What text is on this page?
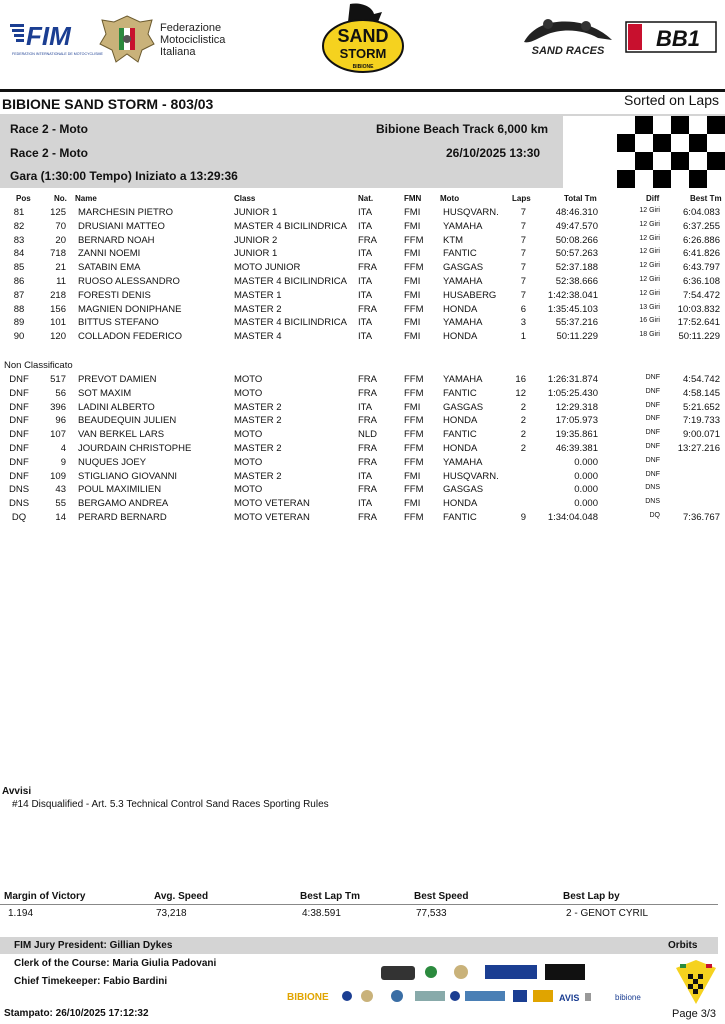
FIM
FEDERATION INTERNATIONALE DE MOTOCYCLISME
Federazione
Motociclistica
Italiana
SAND
STORM
BIBIONE
SAND RACES BB1
BIBIONE SAND STORM - 803/03	Sorted on Laps
Race 2 - Moto
Race 2 - Moto
Gara (1:30:00 Tempo) Iniziato a 13:29:36
Bibione Beach Track 6,000 km
26/10/2025 13:30
Pos	No. Name	Class	Nat.	FMN Moto	Laps	Total Tm	Diff	Best Tm
81	125 MARCHESIN PIETRO	JUNIOR 1	ITA	FMI HUSQVARN.	7	48:46.310	12 Giri	6:04.083
82	70 DRUSIANI MATTEO	MASTER 4 BICILINDRICA	ITA	FMI YAMAHA	7	49:47.570	12 Giri	6:37.255
83	20 BERNARD NOAH	JUNIOR 2	FRA	FFM KTM	7	50:08.266	12 Giri	6:26.886
84	718 ZANNI NOEMI	JUNIOR 1	ITA	FMI FANTIC	7	50:57.263	12 Giri	6:41.826
85	21 SATABIN EMA	MOTO JUNIOR	FRA	FFM GASGAS	7	52:37.188	12 Giri	6:43.797
86	11 RUOSO ALESSANDRO	MASTER 4 BICILINDRICA	ITA	FMI YAMAHA	7	52:38.666	12 Giri	6:36.108
87	218 FORESTI DENIS	MASTER 1	ITA	FMI HUSABERG	7	1:42:38.041	12 Giri	7:54.472
88	156 MAGNIEN DONIPHANE	MASTER 2	FRA	FFM HONDA	6	1:35:45.103	13 Giri	10:03.832
89	101 BITTUS STEFANO	MASTER 4 BICILINDRICA	ITA	FMI YAMAHA	3	55:37.216	16 Giri	17:52.641
90	120 COLLADON FEDERICO	MASTER 4	ITA	FMI HONDA	1	50:11.229	18 Giri	50:11.229
Non Classificato
DNF	517 PREVOT DAMIEN	MOTO	FRA	FFM YAMAHA	16	1:26:31.874	DNF	4:54.742
DNF	56 SOT MAXIM	MOTO	FRA	FFM FANTIC	12	1:05:25.430	DNF	4:58.145
DNF	396 LADINI ALBERTO	MASTER 2	ITA	FMI GASGAS	2	12:29.318	DNF	5:21.652
DNF	96 BEAUDEQUIN JULIEN	MASTER 2	FRA	FFM HONDA	2	17:05.973	DNF	7:19.733
DNF	107 VAN BERKEL LARS	MOTO	NLD	FFM FANTIC	2	19:35.861	DNF	9:00.071
DNF	4 JOURDAIN CHRISTOPHE	MASTER 2	FRA	FFM HONDA	2	46:39.381	DNF	13:27.216
DNF	9 NUQUES JOEY	MOTO	FRA	FFM YAMAHA	0.000	DNF
DNF	109 STIGLIANO GIOVANNI	MASTER 2	ITA	FMI HUSQVARN.	0.000	DNF
DNS	43 POUL MAXIMILIEN	MOTO	FRA	FFM GASGAS	0.000	DNS
DNS	55 BERGAMO ANDREA	MOTO VETERAN	ITA	FMI HONDA	0.000	DNS
DQ	14 PERARD BERNARD	MOTO VETERAN	FRA	FFM FANTIC	9	1:34:04.048	DQ	7:36.767
Avvisi
#14 Disqualified - Art. 5.3 Technical Control Sand Races Sporting Rules
Margin of Victory	Avg. Speed	Best Lap Tm	Best Speed	Best Lap by
1.194	73,218	4:38.591	77,533	2 - GENOT CYRIL
FIM Jury President: Gillian Dykes	Orbits
Clerk of the Course: Maria Giulia Padovani
Chief Timekeeper: Fabio Bardini
Stampato: 26/10/2025 17:12:32	Page 3/3
BIBIONE	AVIS	bibione
